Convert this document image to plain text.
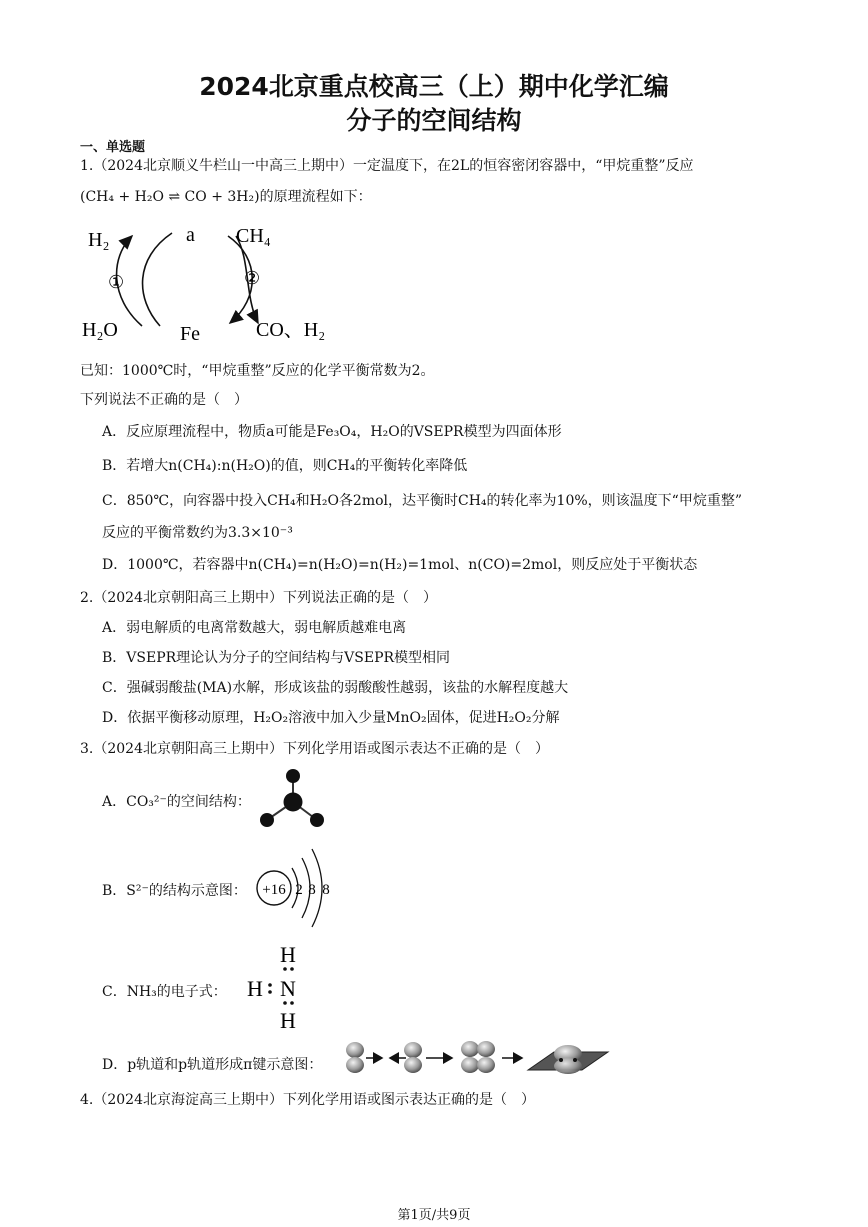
2024北京重点校高三（上）期中化学汇编
分子的空间结构
一、单选题
1.（2024北京顺义牛栏山一中高三上期中）一定温度下，在2L的恒容密闭容器中，“甲烷重整”反应
(CH₄ + H₂O ⇌ CO + 3H₂)的原理流程如下：
H₂	a CH₄
①	②
H₂O	Fe	CO、H₂
已知：1000℃时，“甲烷重整”反应的化学平衡常数为2。
下列说法不正确的是（　）
A．反应原理流程中，物质a可能是Fe₃O₄，H₂O的VSEPR模型为四面体形
B．若增大n(CH₄):n(H₂O)的值，则CH₄的平衡转化率降低
C．850℃，向容器中投入CH₄和H₂O各2mol，达平衡时CH₄的转化率为10%，则该温度下“甲烷重整”
反应的平衡常数约为3.3×10⁻³
D．1000℃，若容器中n(CH₄)=n(H₂O)=n(H₂)=1mol、n(CO)=2mol，则反应处于平衡状态
2.（2024北京朝阳高三上期中）下列说法正确的是（　）
A．弱电解质的电离常数越大，弱电解质越难电离
B．VSEPR理论认为分子的空间结构与VSEPR模型相同
C．强碱弱酸盐(MA)水解，形成该盐的弱酸酸性越弱，该盐的水解程度越大
D．依据平衡移动原理，H₂O₂溶液中加入少量MnO₂固体，促进H₂O₂分解
3.（2024北京朝阳高三上期中）下列化学用语或图示表达不正确的是（　）
A．CO₃²⁻的空间结构：
B．S²⁻的结构示意图： +16 2 8 8
C．NH₃的电子式：
H
H N
H
D．p轨道和p轨道形成π键示意图：
4.（2024北京海淀高三上期中）下列化学用语或图示表达正确的是（　）
第1页/共9页
